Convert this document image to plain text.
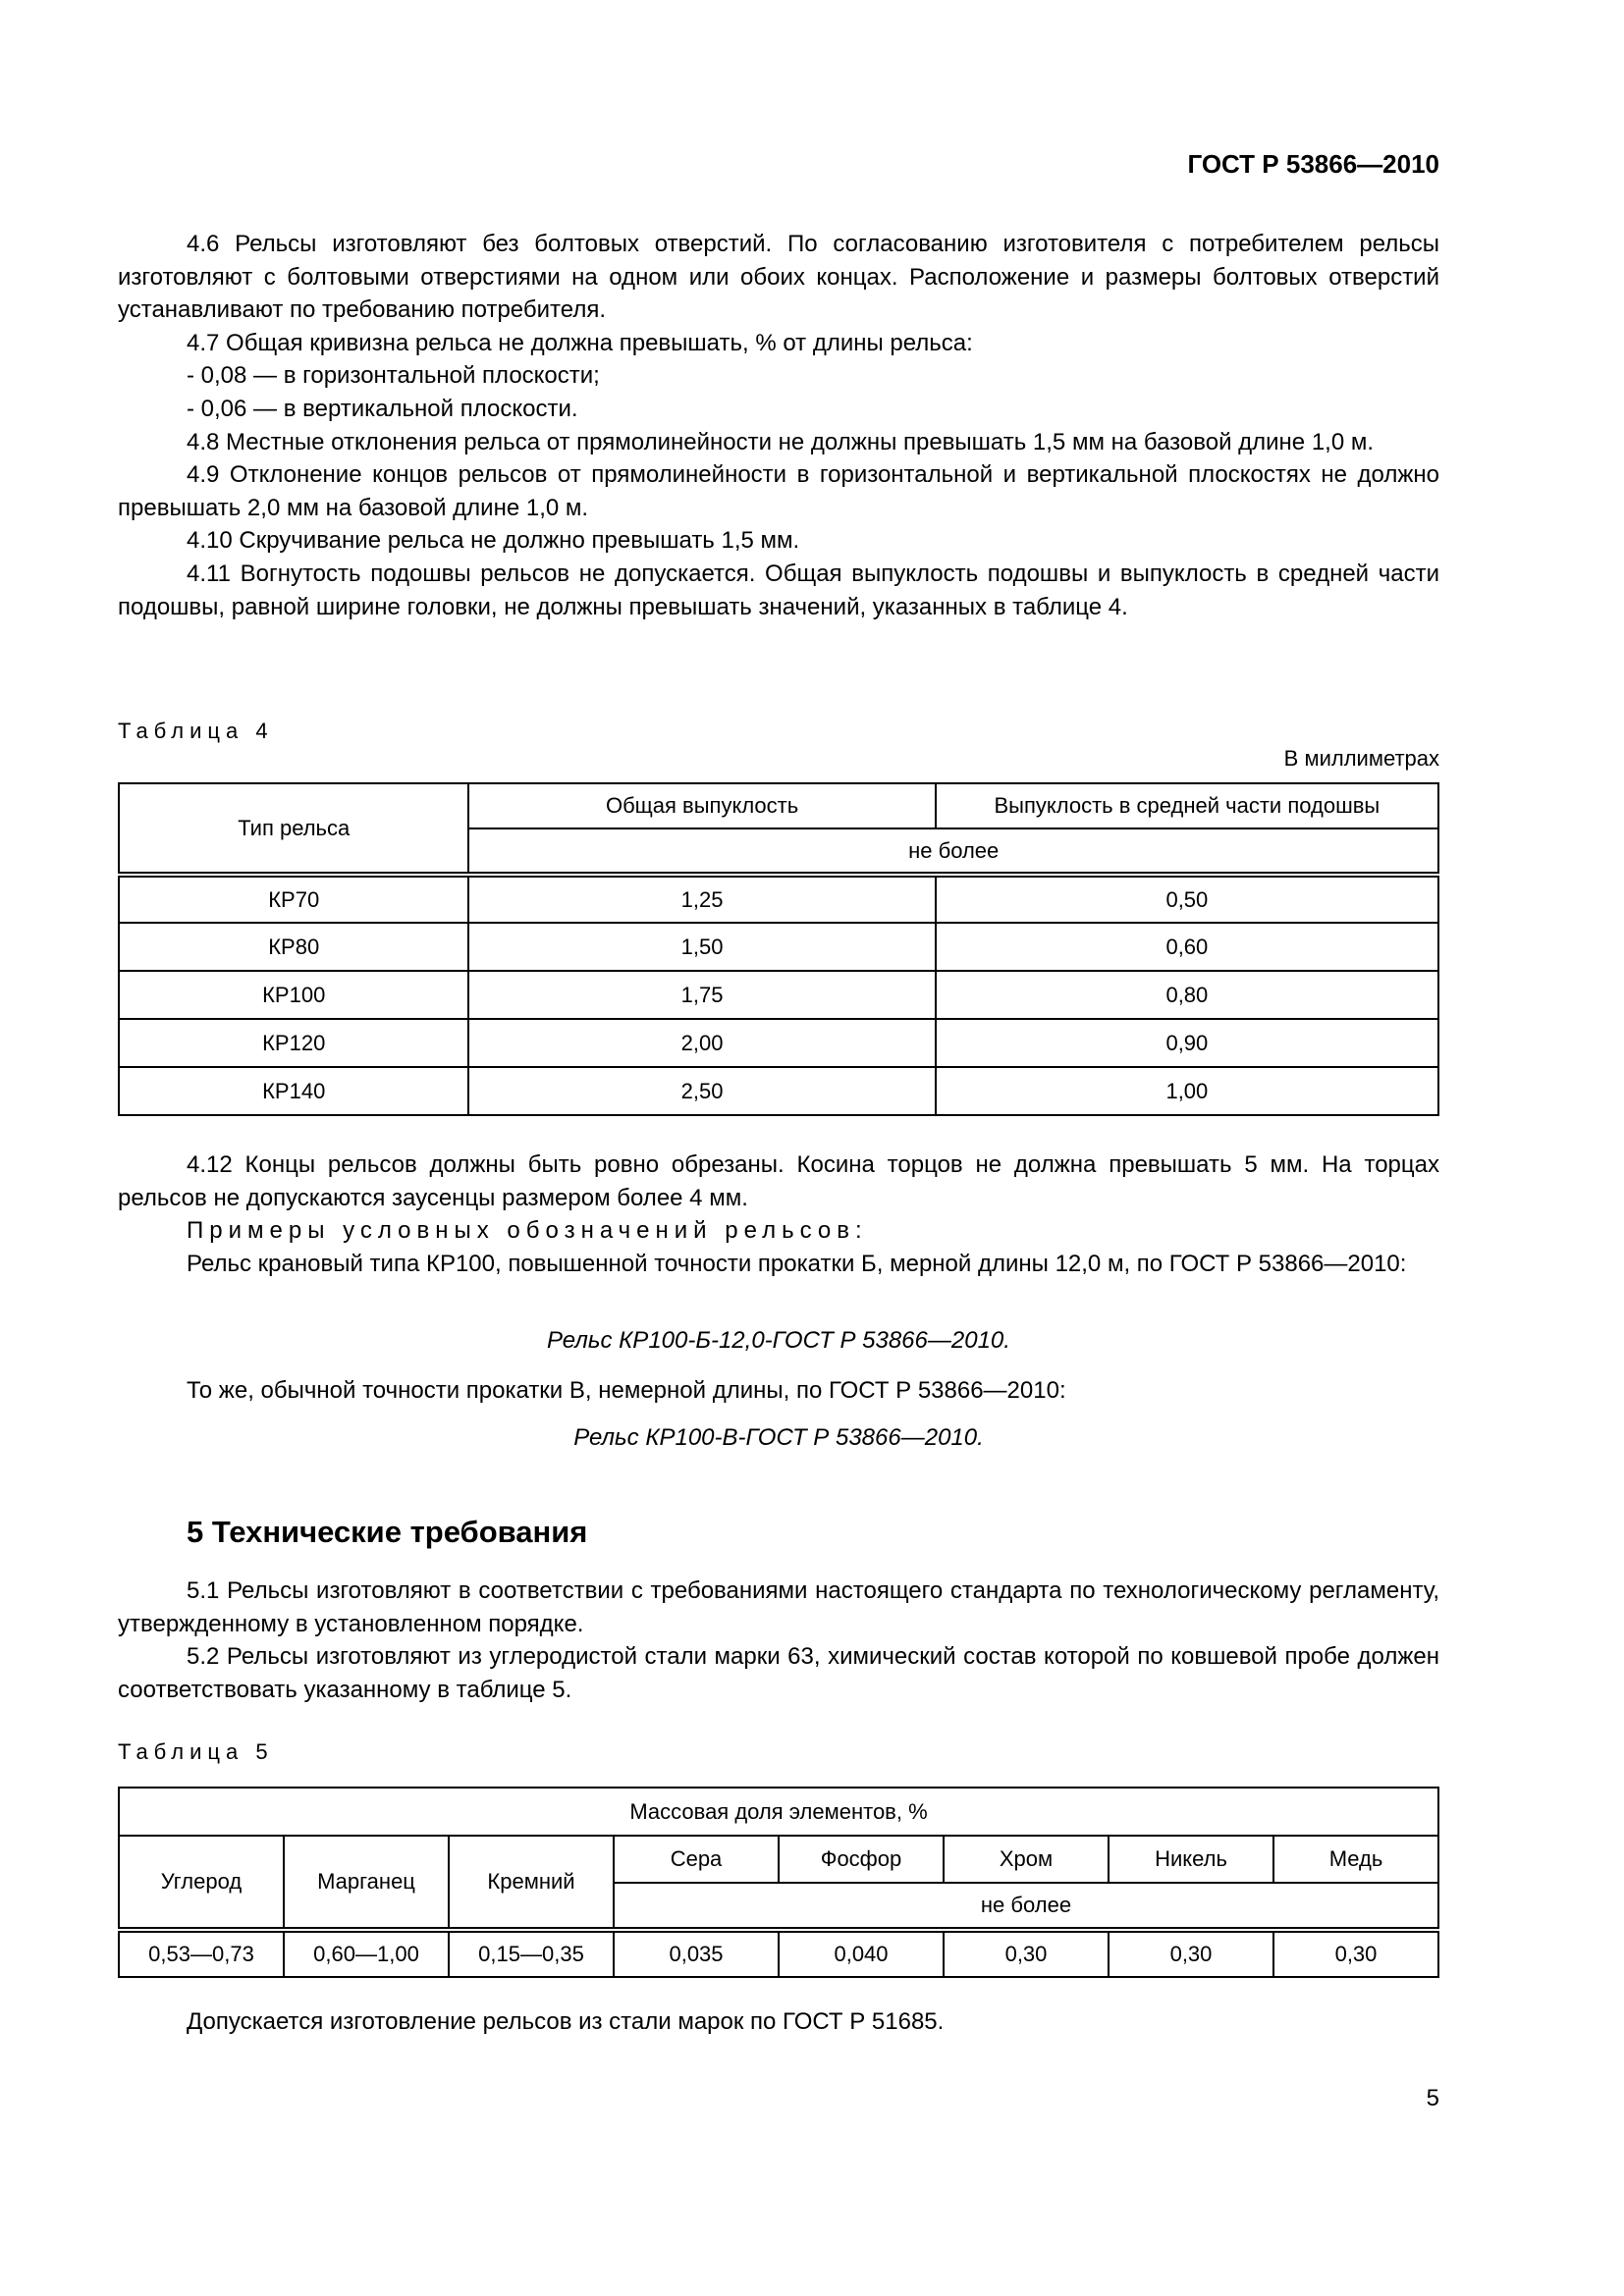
ГОСТ Р 53866—2010

4.6 Рельсы изготовляют без болтовых отверстий. По согласованию изготовителя с потребителем рельсы изготовляют с болтовыми отверстиями на одном или обоих концах. Расположение и размеры болтовых отверстий устанавливают по требованию потребителя.

4.7 Общая кривизна рельса не должна превышать, % от длины рельса:

- 0,08 — в горизонтальной плоскости;

- 0,06 — в вертикальной плоскости.

4.8 Местные отклонения рельса от прямолинейности не должны превышать 1,5 мм на базовой длине 1,0 м.

4.9 Отклонение концов рельсов от прямолинейности в горизонтальной и вертикальной плоскостях не должно превышать 2,0 мм на базовой длине 1,0 м.

4.10 Скручивание рельса не должно превышать 1,5 мм.

4.11 Вогнутость подошвы рельсов не допускается. Общая выпуклость подошвы и выпуклость в средней части подошвы, равной ширине головки, не должны превышать значений, указанных в таблице 4.

Таблица 4
В миллиметрах
Тип рельса	Общая выпуклость	Выпуклость в средней части подошвы
	не более	
КР70	1,25	0,50
КР80	1,50	0,60
КР100	1,75	0,80
КР120	2,00	0,90
КР140	2,50	1,00

4.12 Концы рельсов должны быть ровно обрезаны. Косина торцов не должна превышать 5 мм. На торцах рельсов не допускаются заусенцы размером более 4 мм.

Примеры условных обозначений рельсов:

Рельс крановый типа КР100, повышенной точности прокатки Б, мерной длины 12,0 м, по ГОСТ Р 53866—2010:

Рельс КР100-Б-12,0-ГОСТ Р 53866—2010.

То же, обычной точности прокатки В, немерной длины, по ГОСТ Р 53866—2010:

Рельс КР100-В-ГОСТ Р 53866—2010.
5 Технические требования

5.1 Рельсы изготовляют в соответствии с требованиями настоящего стандарта по технологическому регламенту, утвержденному в установленном порядке.

5.2 Рельсы изготовляют из углеродистой стали марки 63, химический состав которой по ковшевой пробе должен соответствовать указанному в таблице 5.

Таблица 5
Массовая доля элементов, %							
Углерод	Марганец	Кремний	Сера	Фосфор	Хром	Никель	Медь
			не более				
0,53—0,73	0,60—1,00	0,15—0,35	0,035	0,040	0,30	0,30	0,30

Допускается изготовление рельсов из стали марок по ГОСТ Р 51685.

5
